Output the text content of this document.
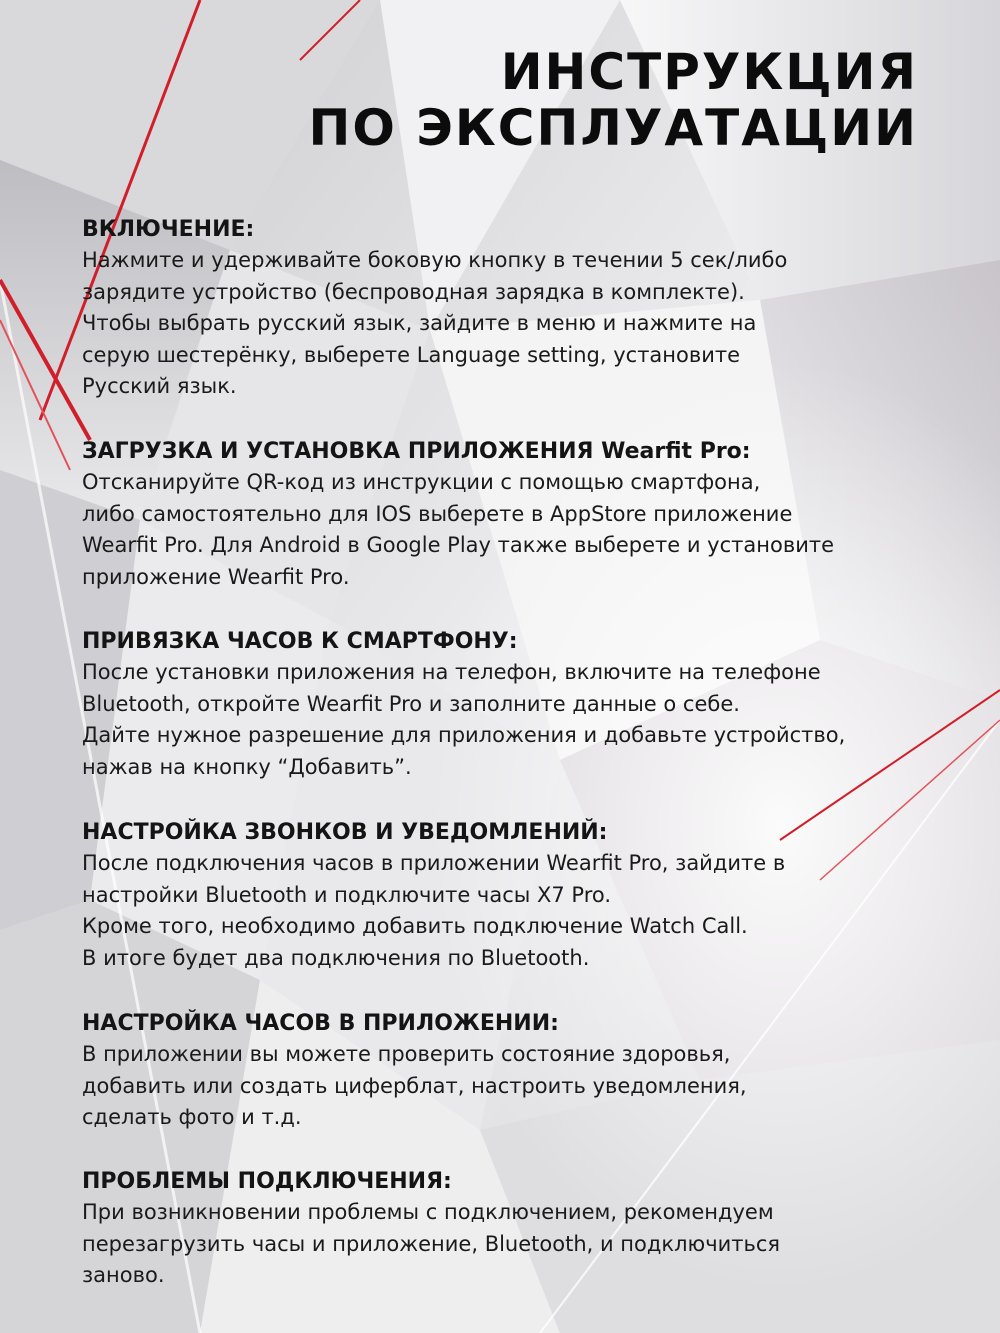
ИНСТРУКЦИЯ
ПО ЭКСПЛУАТАЦИИ
ВКЛЮЧЕНИЕ:
Нажмите и удерживайте боковую кнопку в течении 5 сек/либо
зарядите устройство (беспроводная зарядка в комплекте).
Чтобы выбрать русский язык, зайдите в меню и нажмите на
серую шестерёнку, выберете Language setting, установите
Русский язык.
ЗАГРУЗКА И УСТАНОВКА ПРИЛОЖЕНИЯ Wearfit Pro:
Отсканируйте QR-код из инструкции с помощью смартфона,
либо самостоятельно для IOS выберете в AppStore приложение
Wearfit Pro. Для Android в Google Play также выберете и установите
приложение Wearfit Pro.
ПРИВЯЗКА ЧАСОВ К СМАРТФОНУ:
После установки приложения на телефон, включите на телефоне
Bluetooth, откройте Wearfit Pro и заполните данные о себе.
Дайте нужное разрешение для приложения и добавьте устройство,
нажав на кнопку “Добавить”.
НАСТРОЙКА ЗВОНКОВ И УВЕДОМЛЕНИЙ:
После подключения часов в приложении Wearfit Pro, зайдите в
настройки Bluetooth и подключите часы X7 Pro.
Кроме того, необходимо добавить подключение Watch Call.
В итоге будет два подключения по Bluetooth.
НАСТРОЙКА ЧАСОВ В ПРИЛОЖЕНИИ:
В приложении вы можете проверить состояние здоровья,
добавить или создать циферблат, настроить уведомления,
сделать фото и т.д.
ПРОБЛЕМЫ ПОДКЛЮЧЕНИЯ:
При возникновении проблемы с подключением, рекомендуем
перезагрузить часы и приложение, Bluetooth, и подключиться
заново.
